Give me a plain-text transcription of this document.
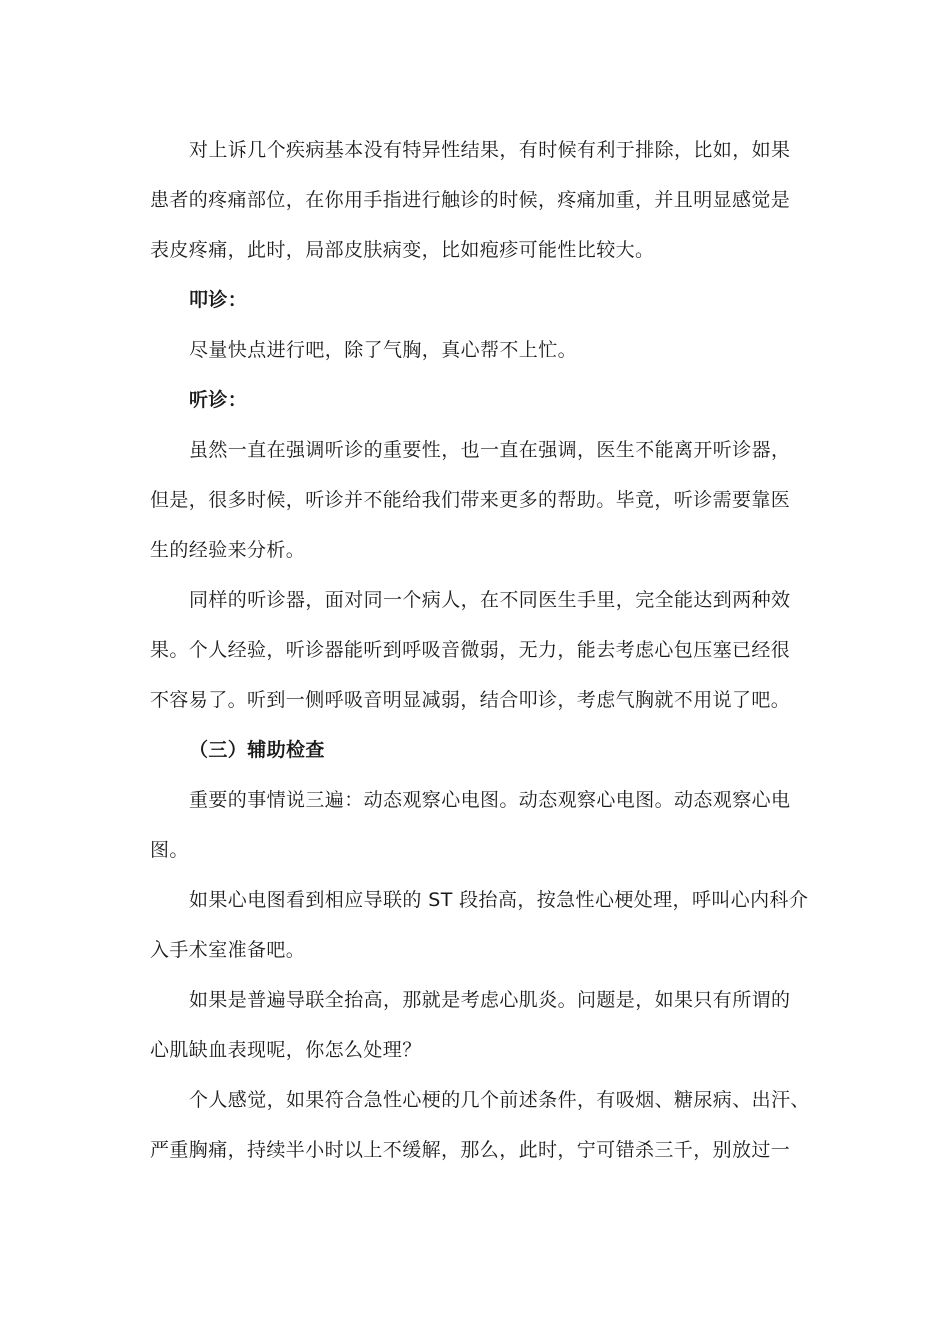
对上诉几个疾病基本没有特异性结果，有时候有利于排除，比如，如果
患者的疼痛部位，在你用手指进行触诊的时候，疼痛加重，并且明显感觉是
表皮疼痛，此时，局部皮肤病变，比如疱疹可能性比较大。
叩诊：
尽量快点进行吧，除了气胸，真心帮不上忙。
听诊：
虽然一直在强调听诊的重要性，也一直在强调，医生不能离开听诊器，
但是，很多时候，听诊并不能给我们带来更多的帮助。毕竟，听诊需要靠医
生的经验来分析。
同样的听诊器，面对同一个病人，在不同医生手里，完全能达到两种效
果。个人经验，听诊器能听到呼吸音微弱，无力，能去考虑心包压塞已经很
不容易了。听到一侧呼吸音明显减弱，结合叩诊，考虑气胸就不用说了吧。
（三）辅助检查
重要的事情说三遍：动态观察心电图。动态观察心电图。动态观察心电
图。
如果心电图看到相应导联的 ST 段抬高，按急性心梗处理，呼叫心内科介
入手术室准备吧。
如果是普遍导联全抬高，那就是考虑心肌炎。问题是，如果只有所谓的
心肌缺血表现呢，你怎么处理？
个人感觉，如果符合急性心梗的几个前述条件，有吸烟、糖尿病、出汗、
严重胸痛，持续半小时以上不缓解，那么，此时，宁可错杀三千，别放过一
